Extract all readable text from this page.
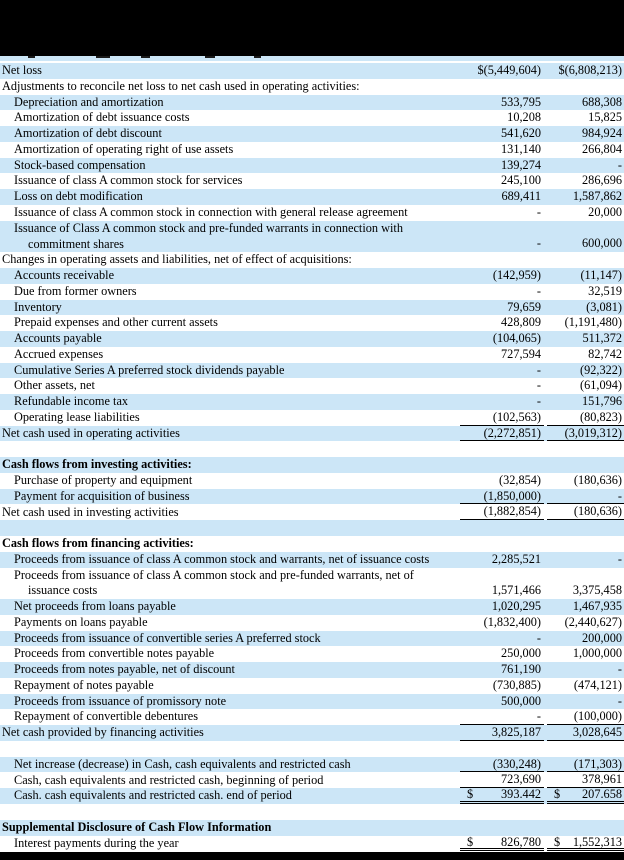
Net loss	$(5,449,604)	$(6,808,213)
Adjustments to reconcile net loss to net cash used in operating activities:
Depreciation and amortization	533,795	688,308
Amortization of debt issuance costs	10,208	15,825
Amortization of debt discount	541,620	984,924
Amortization of operating right of use assets	131,140	266,804
Stock-based compensation	139,274	-
Issuance of class A common stock for services	245,100	286,696
Loss on debt modification	689,411	1,587,862
Issuance of class A common stock in connection with general release agreement	-	20,000
Issuance of Class A common stock and pre-funded warrants in connection with
commitment shares	-	600,000
Changes in operating assets and liabilities, net of effect of acquisitions:
Accounts receivable	(142,959)	(11,147)
Due from former owners	-	32,519
Inventory	79,659	(3,081)
Prepaid expenses and other current assets	428,809	(1,191,480)
Accounts payable	(104,065)	511,372
Accrued expenses	727,594	82,742
Cumulative Series A preferred stock dividends payable	-	(92,322)
Other assets, net	-	(61,094)
Refundable income tax	-	151,796
Operating lease liabilities	(102,563)	(80,823)
Net cash used in operating activities	(2,272,851)	(3,019,312)
Cash flows from investing activities:
Purchase of property and equipment	(32,854)	(180,636)
Payment for acquisition of business	(1,850,000)	-
Net cash used in investing activities	(1,882,854)	(180,636)
Cash flows from financing activities:
Proceeds from issuance of class A common stock and warrants, net of issuance costs	2,285,521	-
Proceeds from issuance of class A common stock and pre-funded warrants, net of
issuance costs	1,571,466	3,375,458
Net proceeds from loans payable	1,020,295	1,467,935
Payments on loans payable	(1,832,400)	(2,440,627)
Proceeds from issuance of convertible series A preferred stock	-	200,000
Proceeds from convertible notes payable	250,000	1,000,000
Proceeds from notes payable, net of discount	761,190	-
Repayment of notes payable	(730,885)	(474,121)
Proceeds from issuance of promissory note	500,000	-
Repayment of convertible debentures	-	(100,000)
Net cash provided by financing activities	3,825,187	3,028,645
Net increase (decrease) in Cash, cash equivalents and restricted cash	(330,248)	(171,303)
Cash, cash equivalents and restricted cash, beginning of period	723,690	378,961
Cash. cash equivalents and restricted cash. end of period	$ 393.442 $ 207.658
Supplemental Disclosure of Cash Flow Information
Interest payments during the year	$ 826,780 $ 1,552,313
